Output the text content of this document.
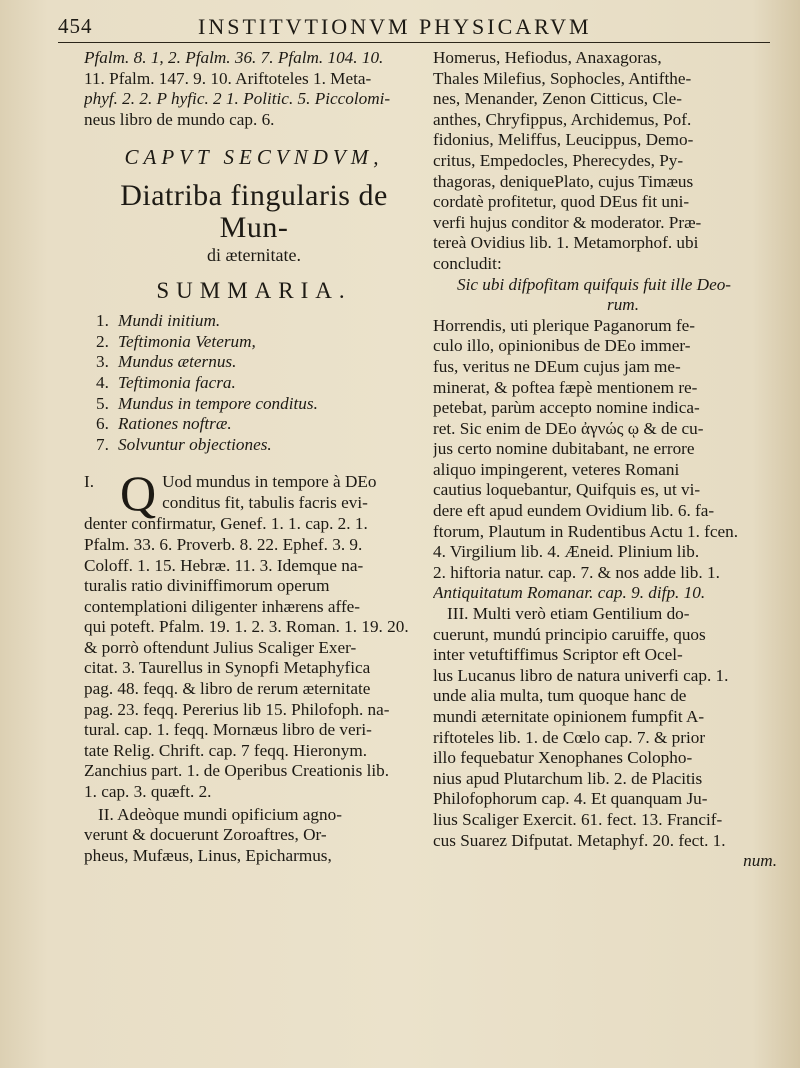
454	INSTITVTIONVM PHYSICARVM
Pfalm. 8. 1, 2. Pfalm. 36. 7. Pfalm. 104. 10.
11. Pfalm. 147. 9. 10. Ariftoteles 1. Meta-
phyf. 2. 2. P hyfic. 2 1. Politic. 5. Piccolomi-
neus libro de mundo cap. 6.
CAPVT SECVNDVM,
Diatriba fingularis de Mun-
di æternitate.
SUMMARIA.
1. Mundi initium.
2. Teftimonia Veterum,
3. Mundus æternus.
4. Teftimonia facra.
5. Mundus in tempore conditus.
6. Rationes noftræ.
7. Solvuntur objectiones.
I. Q Uod mundus in tempore à DEo
conditus fit, tabulis facris evi-
denter confirmatur, Genef. 1. 1. cap. 2. 1.
Pfalm. 33. 6. Proverb. 8. 22. Ephef. 3. 9.
Coloff. 1. 15. Hebræ. 11. 3. Idemque na-
turalis ratio diviniffimorum operum
contemplationi diligenter inhærens affe-
qui poteft. Pfalm. 19. 1. 2. 3. Roman. 1. 19. 20.
& porrò oftendunt Julius Scaliger Exer-
citat. 3. Taurellus in Synopfi Metaphyfica
pag. 48. feqq. & libro de rerum æternitate
pag. 23. feqq. Pererius lib 15. Philofoph. na-
tural. cap. 1. feqq. Mornæus libro de veri-
tate Relig. Chrift. cap. 7 feqq. Hieronym.
Zanchius part. 1. de Operibus Creationis lib.
1. cap. 3. quæft. 2.
II. Adeòque mundi opificium agno-
verunt & docuerunt Zoroaftres, Or-
pheus, Mufæus, Linus, Epicharmus,
Homerus, Hefiodus, Anaxagoras,
Thales Milefius, Sophocles, Antifthe-
nes, Menander, Zenon Citticus, Cle-
anthes, Chryfippus, Archidemus, Pof.
fidonius, Meliffus, Leucippus, Demo-
critus, Empedocles, Pherecydes, Py-
thagoras, deniquePlato, cujus Timæus
cordatè profitetur, quod DEus fit uni-
verfi hujus conditor & moderator. Præ-
tereà Ovidius lib. 1. Metamorphof. ubi
concludit:
Sic ubi difpofitam quifquis fuit ille Deo-
rum.
Horrendis, uti plerique Paganorum fe-
culo illo, opinionibus de DEo immer-
fus, veritus ne DEum cujus jam me-
minerat, & poftea fæpè mentionem re-
petebat, parùm accepto nomine indica-
ret. Sic enim de DEo ἀγνώς ῳ & de cu-
jus certo nomine dubitabant, ne errore
aliquo impingerent, veteres Romani
cautius loquebantur, Quifquis es, ut vi-
dere eft apud eundem Ovidium lib. 6. fa-
ftorum, Plautum in Rudentibus Actu 1. fcen.
4. Virgilium lib. 4. Æneid. Plinium lib.
2. hiftoria natur. cap. 7. & nos adde lib. 1.
Antiquitatum Romanar. cap. 9. difp. 10.
III. Multi verò etiam Gentilium do-
cuerunt, mundú principio caruiffe, quos
inter vetuftiffimus Scriptor eft Ocel-
lus Lucanus libro de natura univerfi cap. 1.
unde alia multa, tum quoque hanc de
mundi æternitate opinionem fumpfit A-
riftoteles lib. 1. de Cœlo cap. 7. & prior
illo fequebatur Xenophanes Colopho-
nius apud Plutarchum lib. 2. de Placitis
Philofophorum cap. 4. Et quanquam Ju-
lius Scaliger Exercit. 61. fect. 13. Francif-
cus Suarez Difputat. Metaphyf. 20. fect. 1.
num.
